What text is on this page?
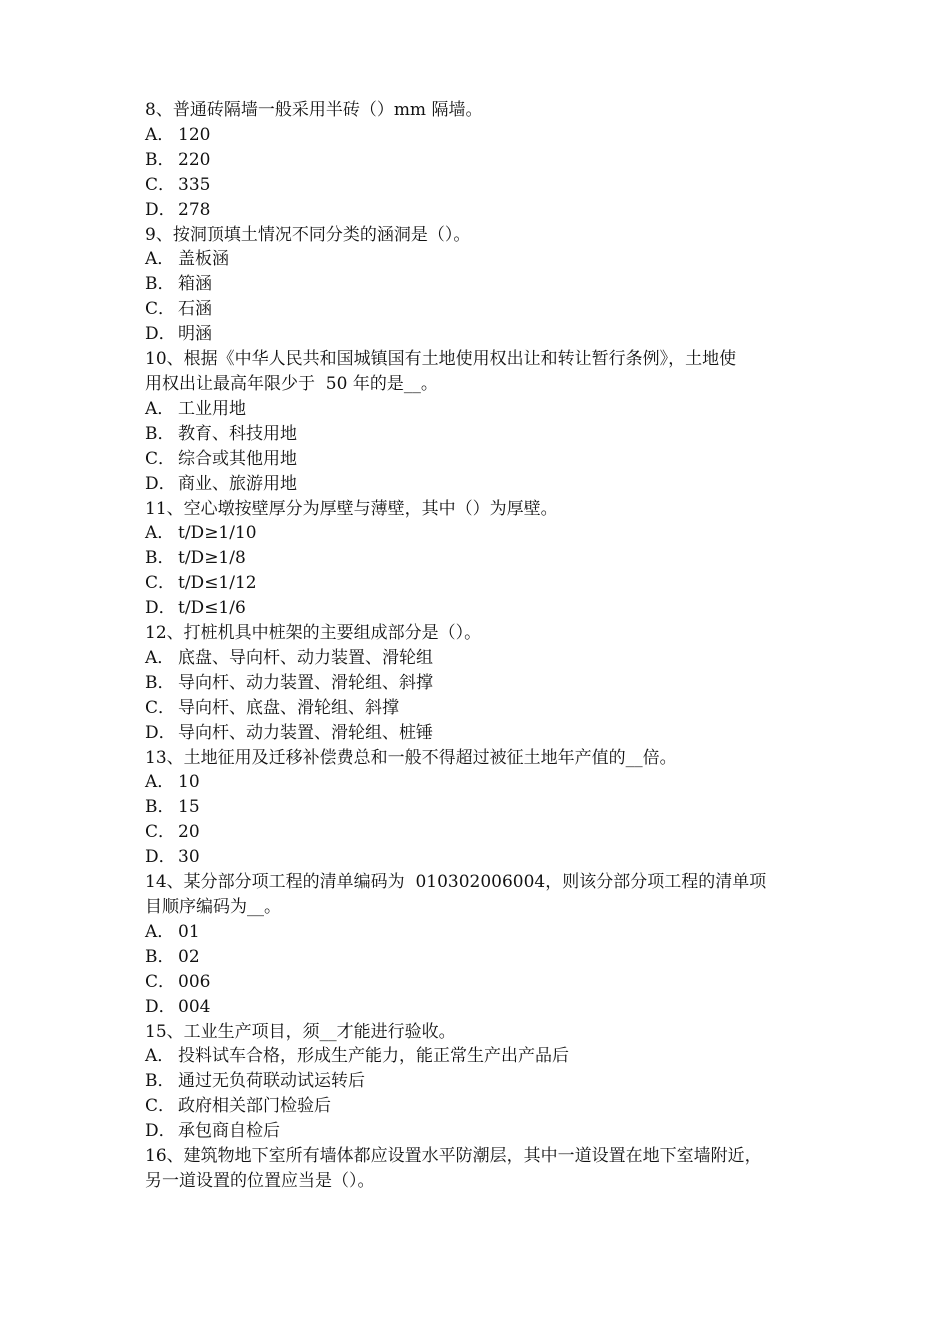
8、普通砖隔墙一般采用半砖（）mm 隔墙。
A． 120
B． 220
C． 335
D． 278
9、按洞顶填土情况不同分类的涵洞是（）。
A． 盖板涵
B． 箱涵
C． 石涵
D． 明涵
10、根据《中华人民共和国城镇国有土地使用权出让和转让暂行条例》，土地使
用权出让最高年限少于  50 年的是__。
A． 工业用地
B． 教育、科技用地
C． 综合或其他用地
D． 商业、旅游用地
11、空心墩按壁厚分为厚壁与薄壁，其中（）为厚壁。
A． t/D≥1/10
B． t/D≥1/8
C． t/D≤1/12
D． t/D≤1/6
12、打桩机具中桩架的主要组成部分是（）。
A． 底盘、导向杆、动力装置、滑轮组
B． 导向杆、动力装置、滑轮组、斜撑
C． 导向杆、底盘、滑轮组、斜撑
D． 导向杆、动力装置、滑轮组、桩锤
13、土地征用及迁移补偿费总和一般不得超过被征土地年产值的__倍。
A． 10
B． 15
C． 20
D． 30
14、某分部分项工程的清单编码为  010302006004，则该分部分项工程的清单项
目顺序编码为__。
A． 01
B． 02
C． 006
D． 004
15、工业生产项目，须__才能进行验收。
A． 投料试车合格，形成生产能力，能正常生产出产品后
B． 通过无负荷联动试运转后
C． 政府相关部门检验后
D． 承包商自检后
16、建筑物地下室所有墙体都应设置水平防潮层，其中一道设置在地下室墙附近，
另一道设置的位置应当是（）。
